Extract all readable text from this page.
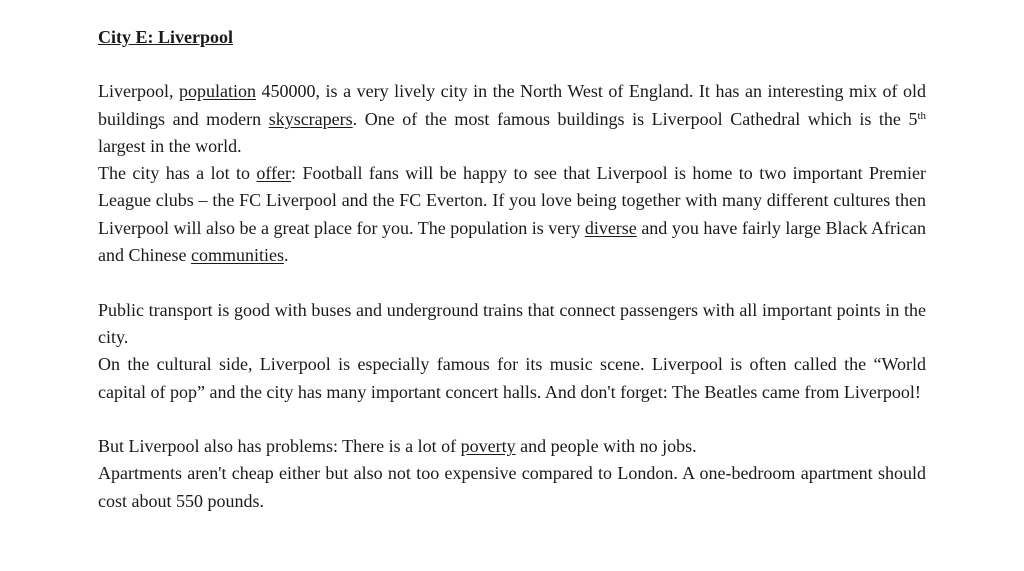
City E: Liverpool

Liverpool, population 450000, is a very lively city in the North West of England. It has an interesting mix of old buildings and modern skyscrapers. One of the most famous buildings is Liverpool Cathedral which is the 5th largest in the world.

The city has a lot to offer: Football fans will be happy to see that Liverpool is home to two important Premier League clubs – the FC Liverpool and the FC Everton. If you love being together with many different cultures then Liverpool will also be a great place for you. The population is very diverse and you have fairly large Black African and Chinese communities.

Public transport is good with buses and underground trains that connect passengers with all important points in the city.

On the cultural side, Liverpool is especially famous for its music scene. Liverpool is often called the “World capital of pop” and the city has many important concert halls. And don't forget: The Beatles came from Liverpool!

But Liverpool also has problems: There is a lot of poverty and people with no jobs.

Apartments aren't cheap either but also not too expensive compared to London. A one-bedroom apartment should cost about 550 pounds.
